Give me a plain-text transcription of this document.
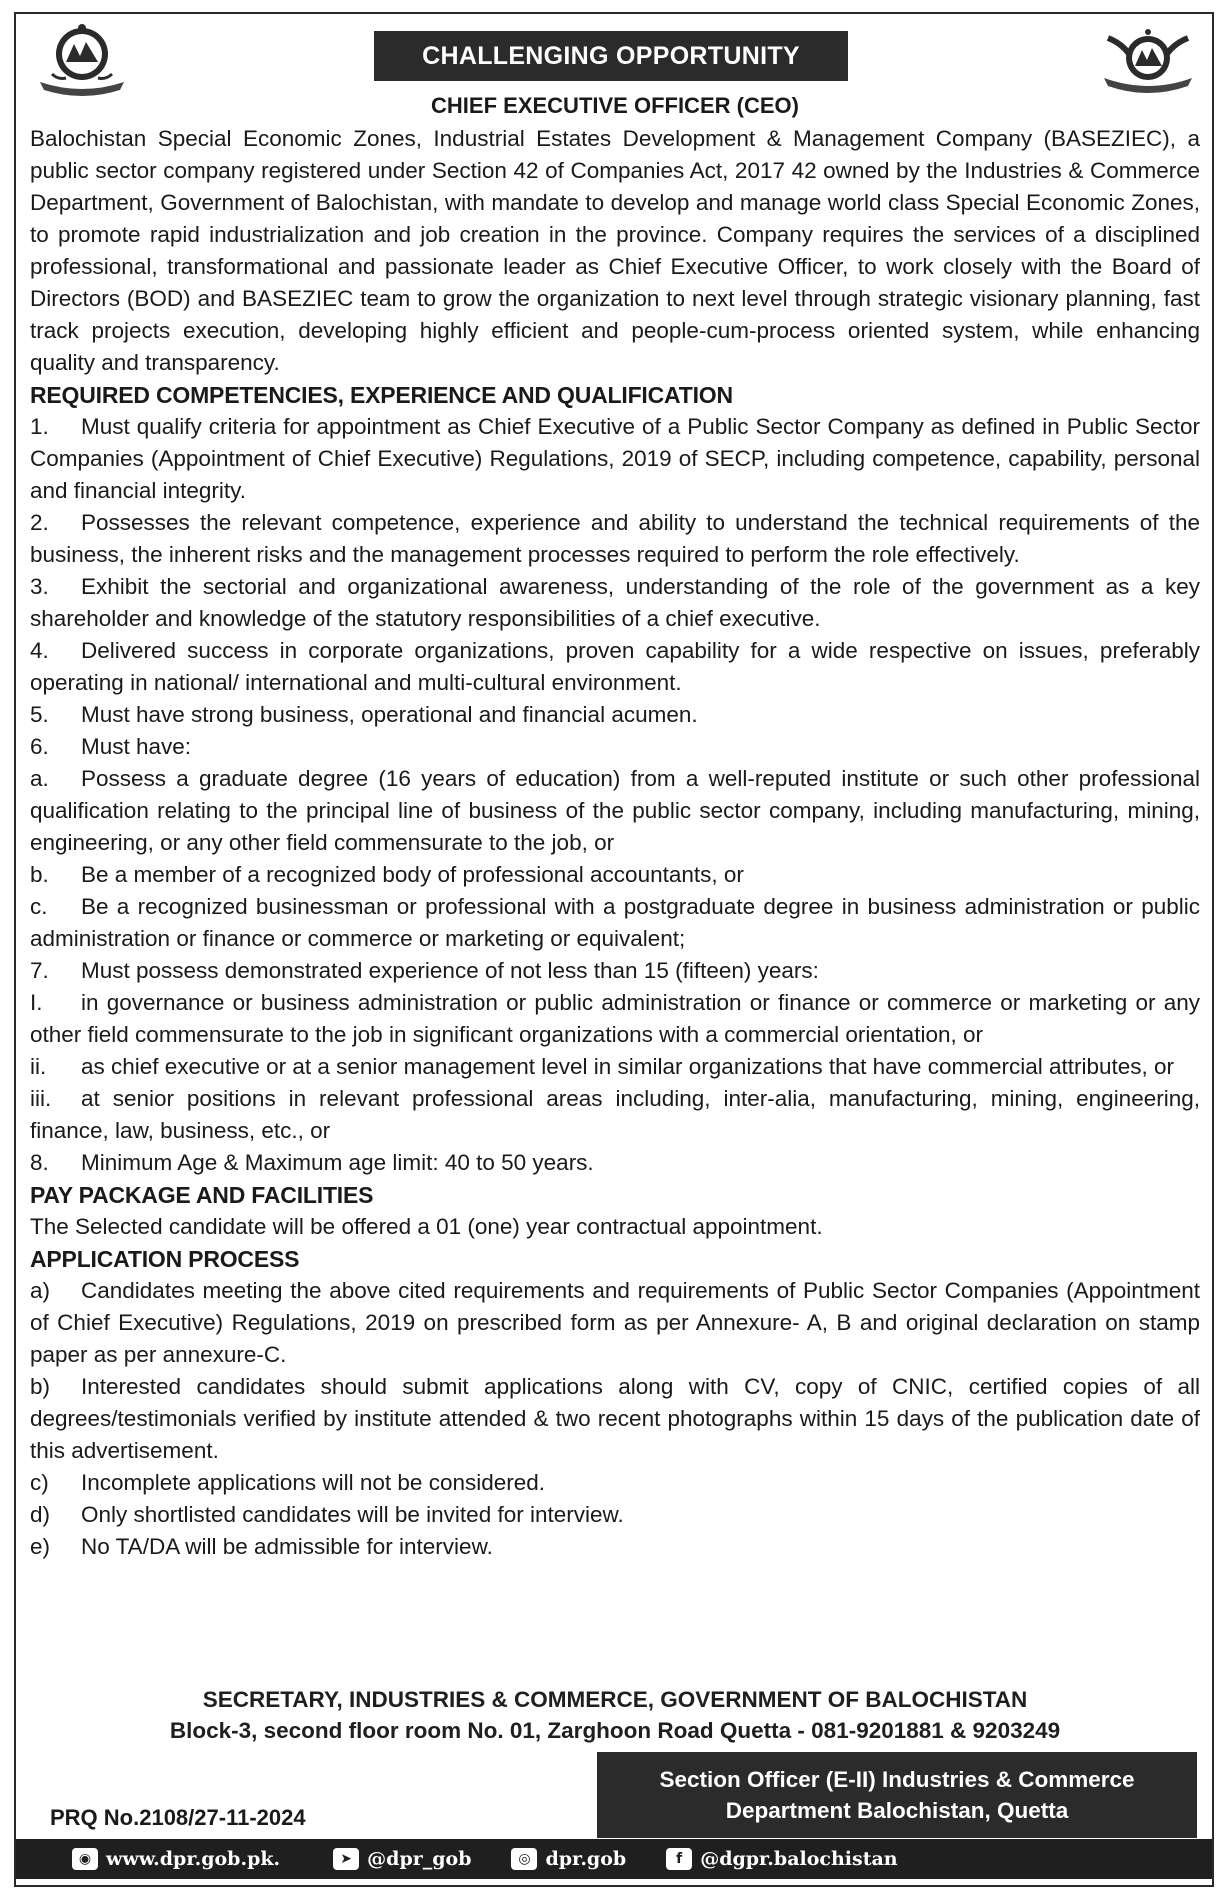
CHALLENGING OPPORTUNITY
CHIEF EXECUTIVE OFFICER (CEO)

Balochistan Special Economic Zones, Industrial Estates Development & Management Company (BASEZIEC), a public sector company registered under Section 42 of Companies Act, 2017 42 owned by the Industries & Commerce Department, Government of Balochistan, with mandate to develop and manage world class Special Economic Zones, to promote rapid industrialization and job creation in the province. Company requires the services of a disciplined professional, transformational and passionate leader as Chief Executive Officer, to work closely with the Board of Directors (BOD) and BASEZIEC team to grow the organization to next level through strategic visionary planning, fast track projects execution, developing highly efficient and people-cum-process oriented system, while enhancing quality and transparency.

REQUIRED COMPETENCIES, EXPERIENCE AND QUALIFICATION

1. Must qualify criteria for appointment as Chief Executive of a Public Sector Company as defined in Public Sector Companies (Appointment of Chief Executive) Regulations, 2019 of SECP, including competence, capability, personal and financial integrity.

2. Possesses the relevant competence, experience and ability to understand the technical requirements of the business, the inherent risks and the management processes required to perform the role effectively.

3. Exhibit the sectorial and organizational awareness, understanding of the role of the government as a key shareholder and knowledge of the statutory responsibilities of a chief executive.

4. Delivered success in corporate organizations, proven capability for a wide respective on issues, preferably operating in national/ international and multi-cultural environment.

5. Must have strong business, operational and financial acumen.

6. Must have:

a. Possess a graduate degree (16 years of education) from a well-reputed institute or such other professional qualification relating to the principal line of business of the public sector company, including manufacturing, mining, engineering, or any other field commensurate to the job, or

b. Be a member of a recognized body of professional accountants, or

c. Be a recognized businessman or professional with a postgraduate degree in business administration or public administration or finance or commerce or marketing or equivalent;

7. Must possess demonstrated experience of not less than 15 (fifteen) years:

I. in governance or business administration or public administration or finance or commerce or marketing or any other field commensurate to the job in significant organizations with a commercial orientation, or

ii. as chief executive or at a senior management level in similar organizations that have commercial attributes, or

iii. at senior positions in relevant professional areas including, inter-alia, manufacturing, mining, engineering, finance, law, business, etc., or

8. Minimum Age & Maximum age limit: 40 to 50 years.

PAY PACKAGE AND FACILITIES

The Selected candidate will be offered a 01 (one) year contractual appointment.

APPLICATION PROCESS

a) Candidates meeting the above cited requirements and requirements of Public Sector Companies (Appointment of Chief Executive) Regulations, 2019 on prescribed form as per Annexure- A, B and original declaration on stamp paper as per annexure-C.

b) Interested candidates should submit applications along with CV, copy of CNIC, certified copies of all degrees/testimonials verified by institute attended & two recent photographs within 15 days of the publication date of this advertisement.

c) Incomplete applications will not be considered.

d) Only shortlisted candidates will be invited for interview.

e) No TA/DA will be admissible for interview.

SECRETARY, INDUSTRIES & COMMERCE, GOVERNMENT OF BALOCHISTAN
Block-3, second floor room No. 01, Zarghoon Road Quetta - 081-9201881 & 9203249
PRQ No.2108/27-11-2024
Section Officer (E-II) Industries & Commerce
Department Balochistan, Quetta
◉ www.dpr.gob.pk.	➤ @dpr_gob	◎ dpr.gob	f @dgpr.balochistan
